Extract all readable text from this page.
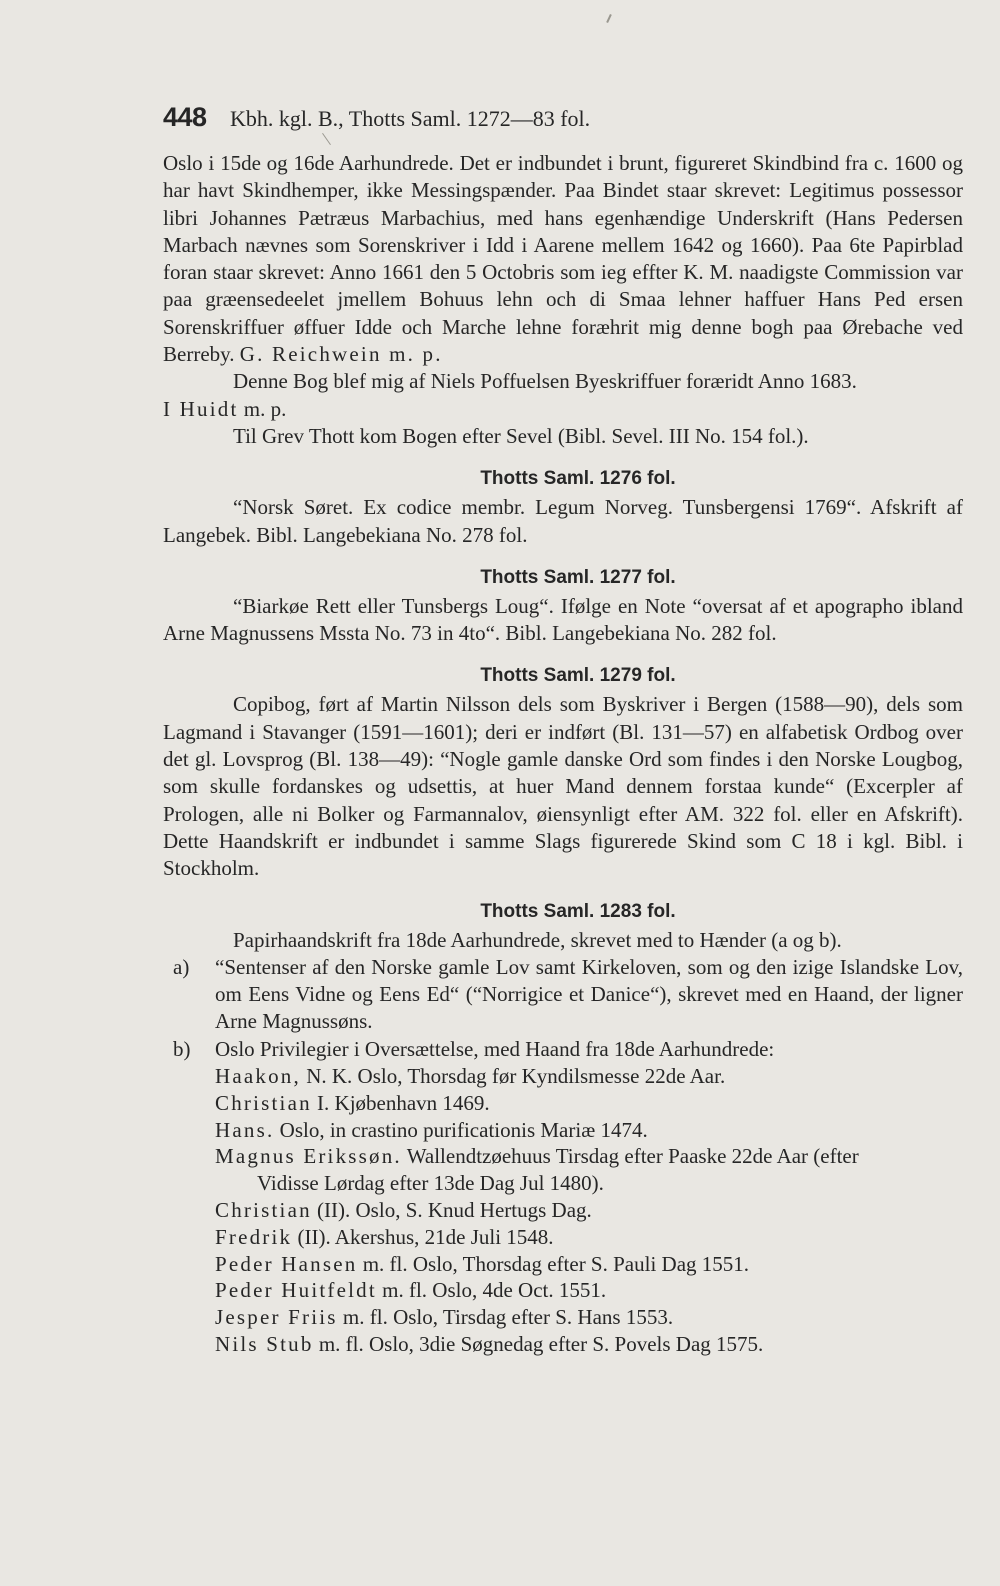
448 Kbh. kgl. B., Thotts Saml. 1272—83 fol.

Oslo i 15de og 16de Aarhundrede. Det er indbundet i brunt, figureret Skindbind fra c. 1600 og har havt Skindhemper, ikke Messingspænder. Paa Bindet staar skrevet: Legitimus possessor libri Johannes Pætræus Marbachius, med hans egenhændige Underskrift (Hans Pedersen Marbach nævnes som Sorenskriver i Idd i Aarene mellem 1642 og 1660). Paa 6te Papirblad foran staar skrevet: Anno 1661 den 5 Octobris som ieg effter K. M. naadigste Commission var paa græensedeelet jmellem Bohuus lehn och di Smaa lehner haffuer Hans Ped ersen Sorenskriffuer øffuer Idde och Marche lehne foræhrit mig denne bogh paa Ørebache ved Berreby. G. Reichwein m. p.

Denne Bog blef mig af Niels Poffuelsen Byeskriffuer foræridt Anno 1683.
I Huidt m. p.

Til Grev Thott kom Bogen efter Sevel (Bibl. Sevel. III No. 154 fol.).

Thotts Saml. 1276 fol.

“Norsk Søret. Ex codice membr. Legum Norveg. Tunsbergensi 1769“. Afskrift af Langebek. Bibl. Langebekiana No. 278 fol.

Thotts Saml. 1277 fol.

“Biarkøe Rett eller Tunsbergs Loug“. Ifølge en Note “oversat af et apographo ibland Arne Magnussens Mssta No. 73 in 4to“. Bibl. Langebekiana No. 282 fol.

Thotts Saml. 1279 fol.

Copibog, ført af Martin Nilsson dels som Byskriver i Bergen (1588—90), dels som Lagmand i Stavanger (1591—1601); deri er indført (Bl. 131—57) en alfabetisk Ordbog over det gl. Lovsprog (Bl. 138—49): “Nogle gamle danske Ord som findes i den Norske Lougbog, som skulle fordanskes og udsettis, at huer Mand dennem forstaa kunde“ (Excerpler af Prologen, alle ni Bolker og Farmannalov, øiensynligt efter AM. 322 fol. eller en Afskrift). Dette Haandskrift er indbundet i samme Slags figurerede Skind som C 18 i kgl. Bibl. i Stockholm.

Thotts Saml. 1283 fol.

Papirhaandskrift fra 18de Aarhundrede, skrevet med to Hænder (a og b).

a) “Sentenser af den Norske gamle Lov samt Kirkeloven, som og den izige Islandske Lov, om Eens Vidne og Eens Ed“ (“Norrigice et Danice“), skrevet med en Haand, der ligner Arne Magnussøns.
b) Oslo Privilegier i Oversættelse, med Haand fra 18de Aarhundrede:
Haakon, N. K. Oslo, Thorsdag før Kyndilsmesse 22de Aar.
Christian I. Kjøbenhavn 1469.
Hans. Oslo, in crastino purificationis Mariæ 1474.
Magnus Erikssøn. Wallendtzøehuus Tirsdag efter Paaske 22de Aar (efter
Vidisse Lørdag efter 13de Dag Jul 1480).
Christian (II). Oslo, S. Knud Hertugs Dag.
Fredrik (II). Akershus, 21de Juli 1548.
Peder Hansen m. fl. Oslo, Thorsdag efter S. Pauli Dag 1551.
Peder Huitfeldt m. fl. Oslo, 4de Oct. 1551.
Jesper Friis m. fl. Oslo, Tirsdag efter S. Hans 1553.
Nils Stub m. fl. Oslo, 3die Søgnedag efter S. Povels Dag 1575.
